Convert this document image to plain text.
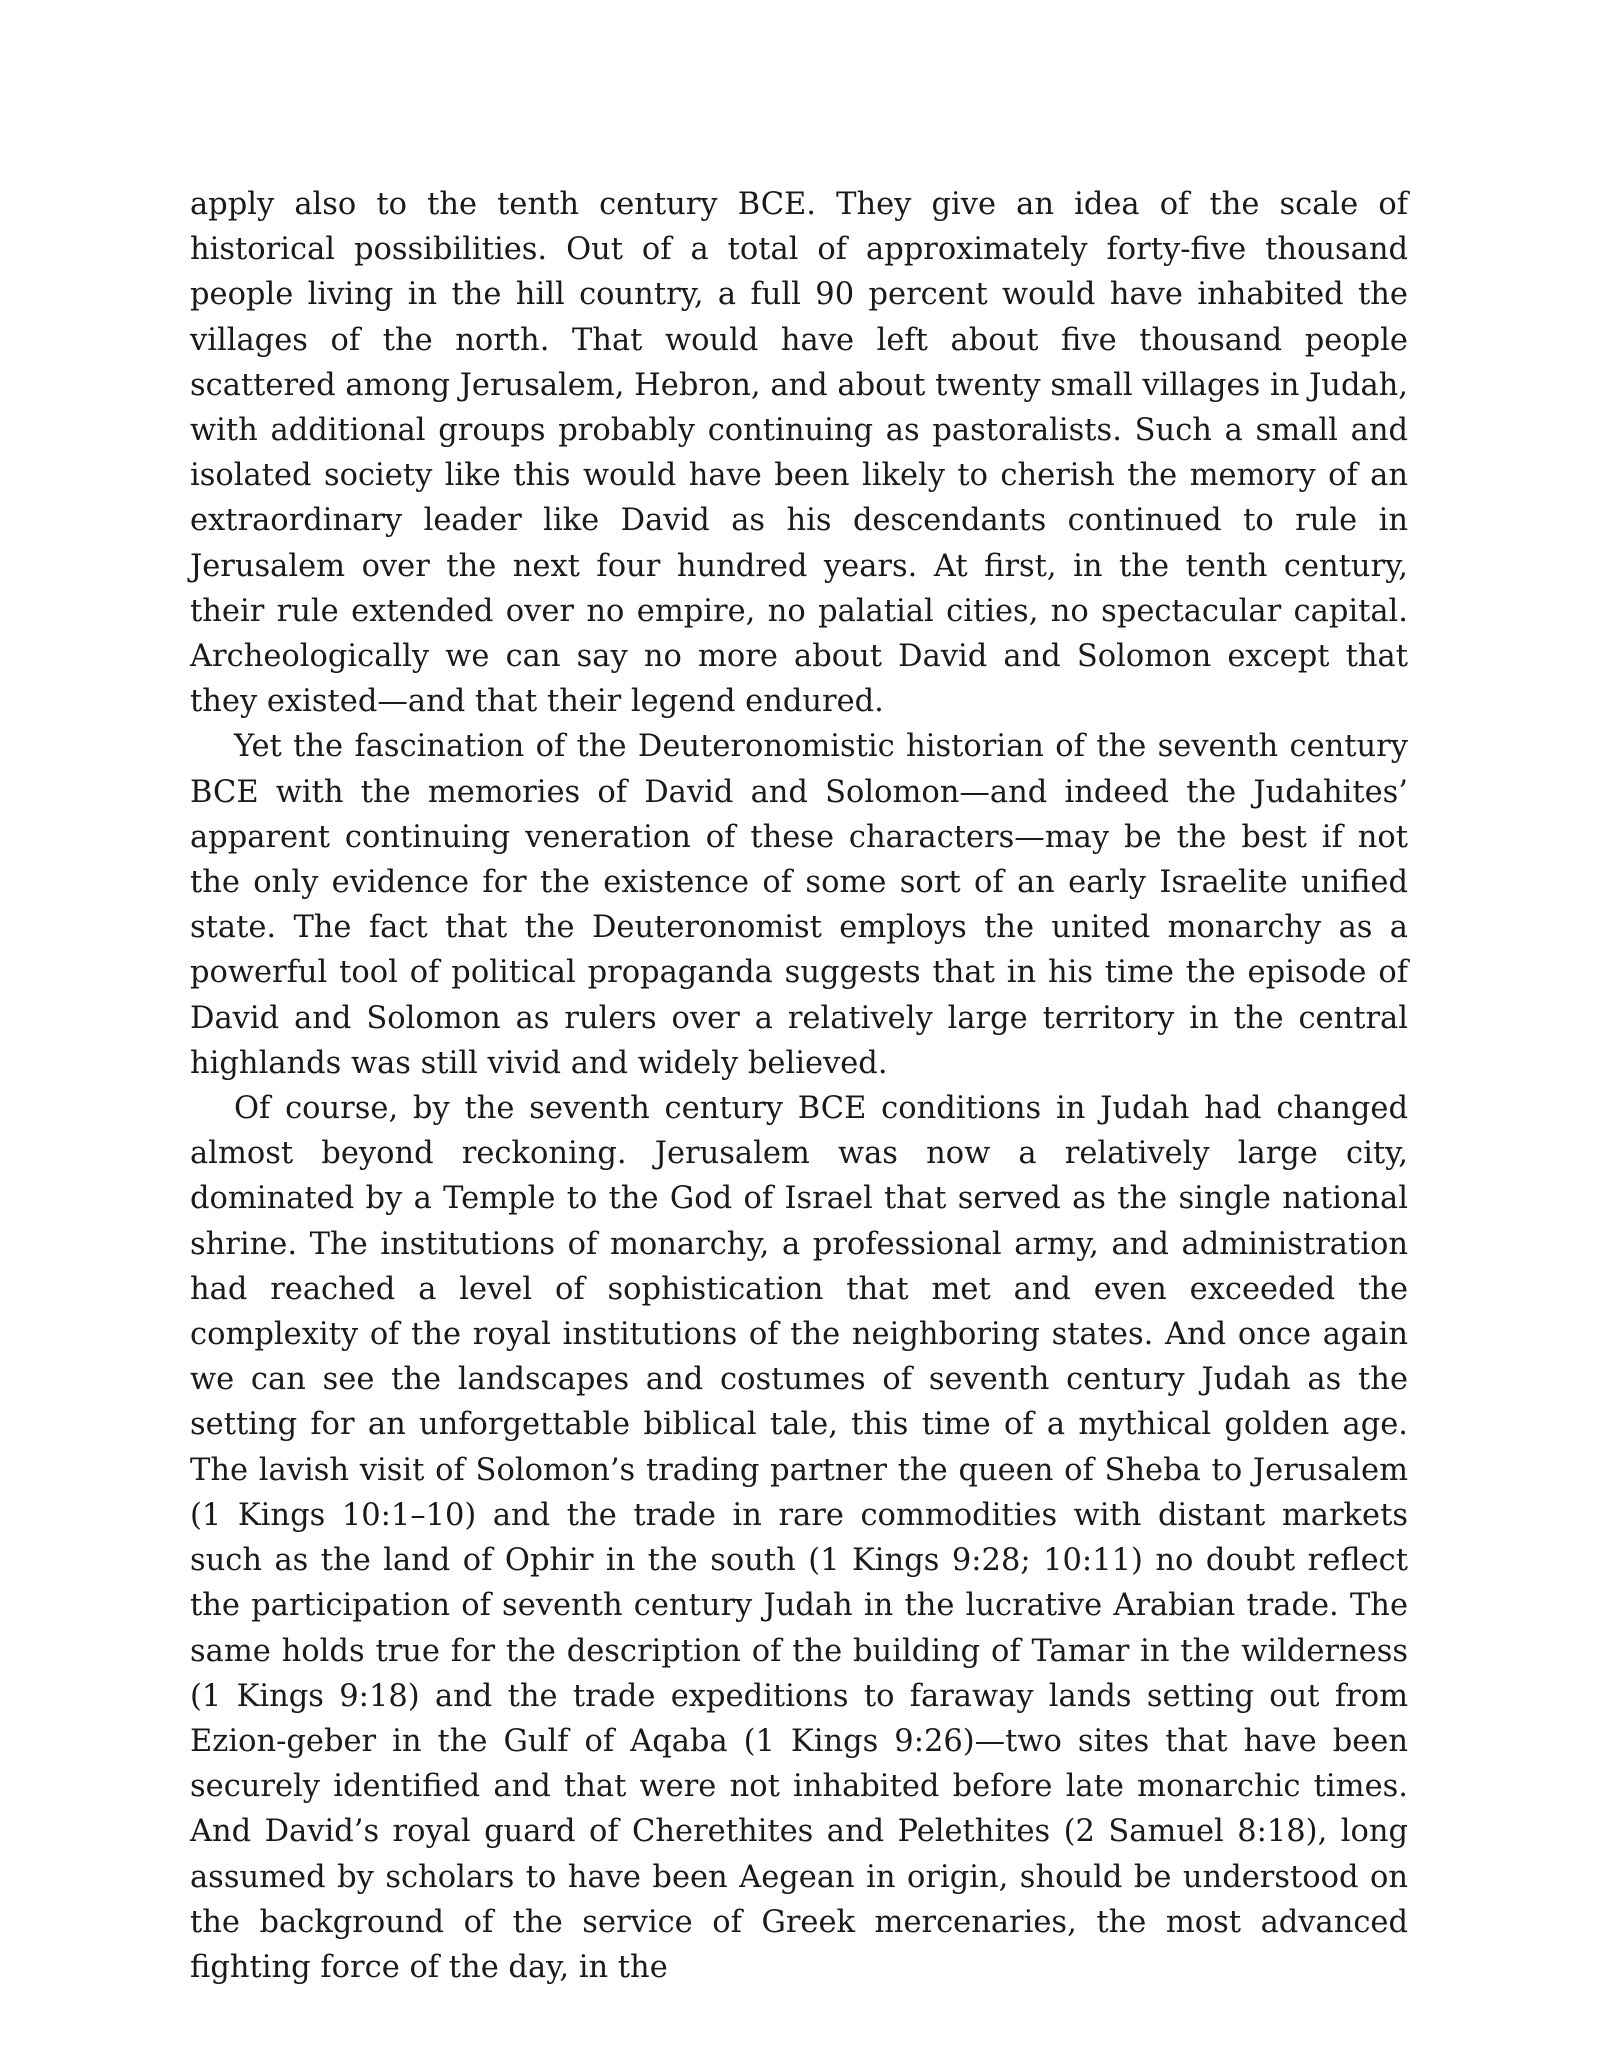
apply also to the tenth century BCE. They give an idea of the scale of historical possibilities. Out of a total of approximately forty-five thousand people living in the hill country, a full 90 percent would have inhabited the villages of the north. That would have left about five thousand people scattered among Jerusalem, Hebron, and about twenty small villages in Judah, with additional groups probably continuing as pastoralists. Such a small and isolated society like this would have been likely to cherish the memory of an extraordinary leader like David as his descendants continued to rule in Jerusalem over the next four hundred years. At first, in the tenth century, their rule extended over no empire, no palatial cities, no spectacular capital. Archeologically we can say no more about David and Solomon except that they existed—and that their legend endured.

Yet the fascination of the Deuteronomistic historian of the seventh century BCE with the memories of David and Solomon—and indeed the Judahites’ apparent continuing veneration of these characters—may be the best if not the only evidence for the existence of some sort of an early Israelite unified state. The fact that the Deuteronomist employs the united monarchy as a powerful tool of political propaganda suggests that in his time the episode of David and Solomon as rulers over a relatively large territory in the central highlands was still vivid and widely believed.

Of course, by the seventh century BCE conditions in Judah had changed almost beyond reckoning. Jerusalem was now a relatively large city, dominated by a Temple to the God of Israel that served as the single national shrine. The institutions of monarchy, a professional army, and administration had reached a level of sophistication that met and even exceeded the complexity of the royal institutions of the neighboring states. And once again we can see the landscapes and costumes of seventh century Judah as the setting for an unforgettable biblical tale, this time of a mythical golden age. The lavish visit of Solomon’s trading partner the queen of Sheba to Jerusalem (1 Kings 10:1–10) and the trade in rare commodities with distant markets such as the land of Ophir in the south (1 Kings 9:28; 10:11) no doubt reflect the participation of seventh century Judah in the lucrative Arabian trade. The same holds true for the description of the building of Tamar in the wilderness (1 Kings 9:18) and the trade expeditions to faraway lands setting out from Ezion-geber in the Gulf of Aqaba (1 Kings 9:26)—two sites that have been securely identified and that were not inhabited before late monarchic times. And David’s royal guard of Cherethites and Pelethites (2 Samuel 8:18), long assumed by scholars to have been Aegean in origin, should be understood on the background of the service of Greek mercenaries, the most advanced fighting force of the day, in the
